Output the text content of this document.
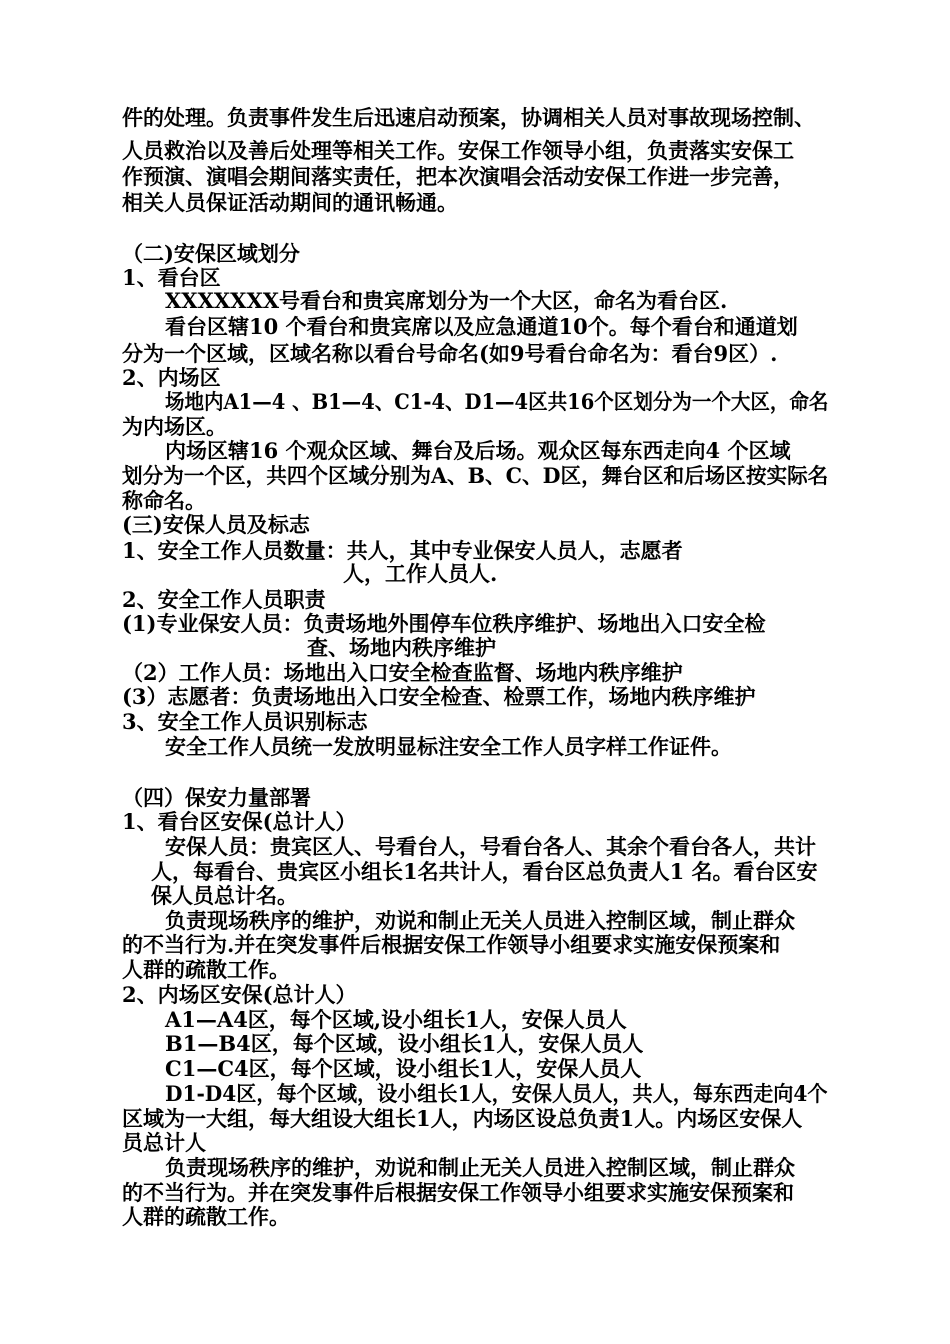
件的处理。负责事件发生后迅速启动预案，协调相关人员对事故现场控制、
人员救治以及善后处理等相关工作。安保工作领导小组，负责落实安保工
作预演、演唱会期间落实责任，把本次演唱会活动安保工作进一步完善，
相关人员保证活动期间的通讯畅通。
（二)安保区域划分
1、看台区
XXXXXXX号看台和贵宾席划分为一个大区，命名为看台区.
看台区辖10 个看台和贵宾席以及应急通道10个。每个看台和通道划
分为一个区域，区域名称以看台号命名(如9号看台命名为：看台9区）.
2、内场区
场地内A1—4 、B1—4、C1-4、D1—4区共16个区划分为一个大区，命名
为内场区。
内场区辖16 个观众区域、舞台及后场。观众区每东西走向4 个区域
划分为一个区，共四个区域分别为A、B、C、D区，舞台区和后场区按实际名
称命名。
(三)安保人员及标志
1、安全工作人员数量：共人，其中专业保安人员人，志愿者
人，工作人员人.
2、安全工作人员职责
(1)专业保安人员：负责场地外围停车位秩序维护、场地出入口安全检
查、场地内秩序维护
（2）工作人员：场地出入口安全检查监督、场地内秩序维护
(3）志愿者：负责场地出入口安全检查、检票工作，场地内秩序维护
3、安全工作人员识别标志
安全工作人员统一发放明显标注安全工作人员字样工作证件。
（四）保安力量部署
1、看台区安保(总计人）
安保人员：贵宾区人、号看台人，号看台各人、其余个看台各人，共计
人，每看台、贵宾区小组长1名共计人，看台区总负责人1 名。看台区安
保人员总计名。
负责现场秩序的维护，劝说和制止无关人员进入控制区域，制止群众
的不当行为.并在突发事件后根据安保工作领导小组要求实施安保预案和
人群的疏散工作。
2、内场区安保(总计人）
A1—A4区，每个区域,设小组长1人，安保人员人
B1—B4区，每个区域，设小组长1人，安保人员人
C1—C4区，每个区域，设小组长1人，安保人员人
D1-D4区，每个区域，设小组长1人，安保人员人，共人，每东西走向4个
区域为一大组，每大组设大组长1人，内场区设总负责1人。内场区安保人
员总计人
负责现场秩序的维护，劝说和制止无关人员进入控制区域，制止群众
的不当行为。并在突发事件后根据安保工作领导小组要求实施安保预案和
人群的疏散工作。
